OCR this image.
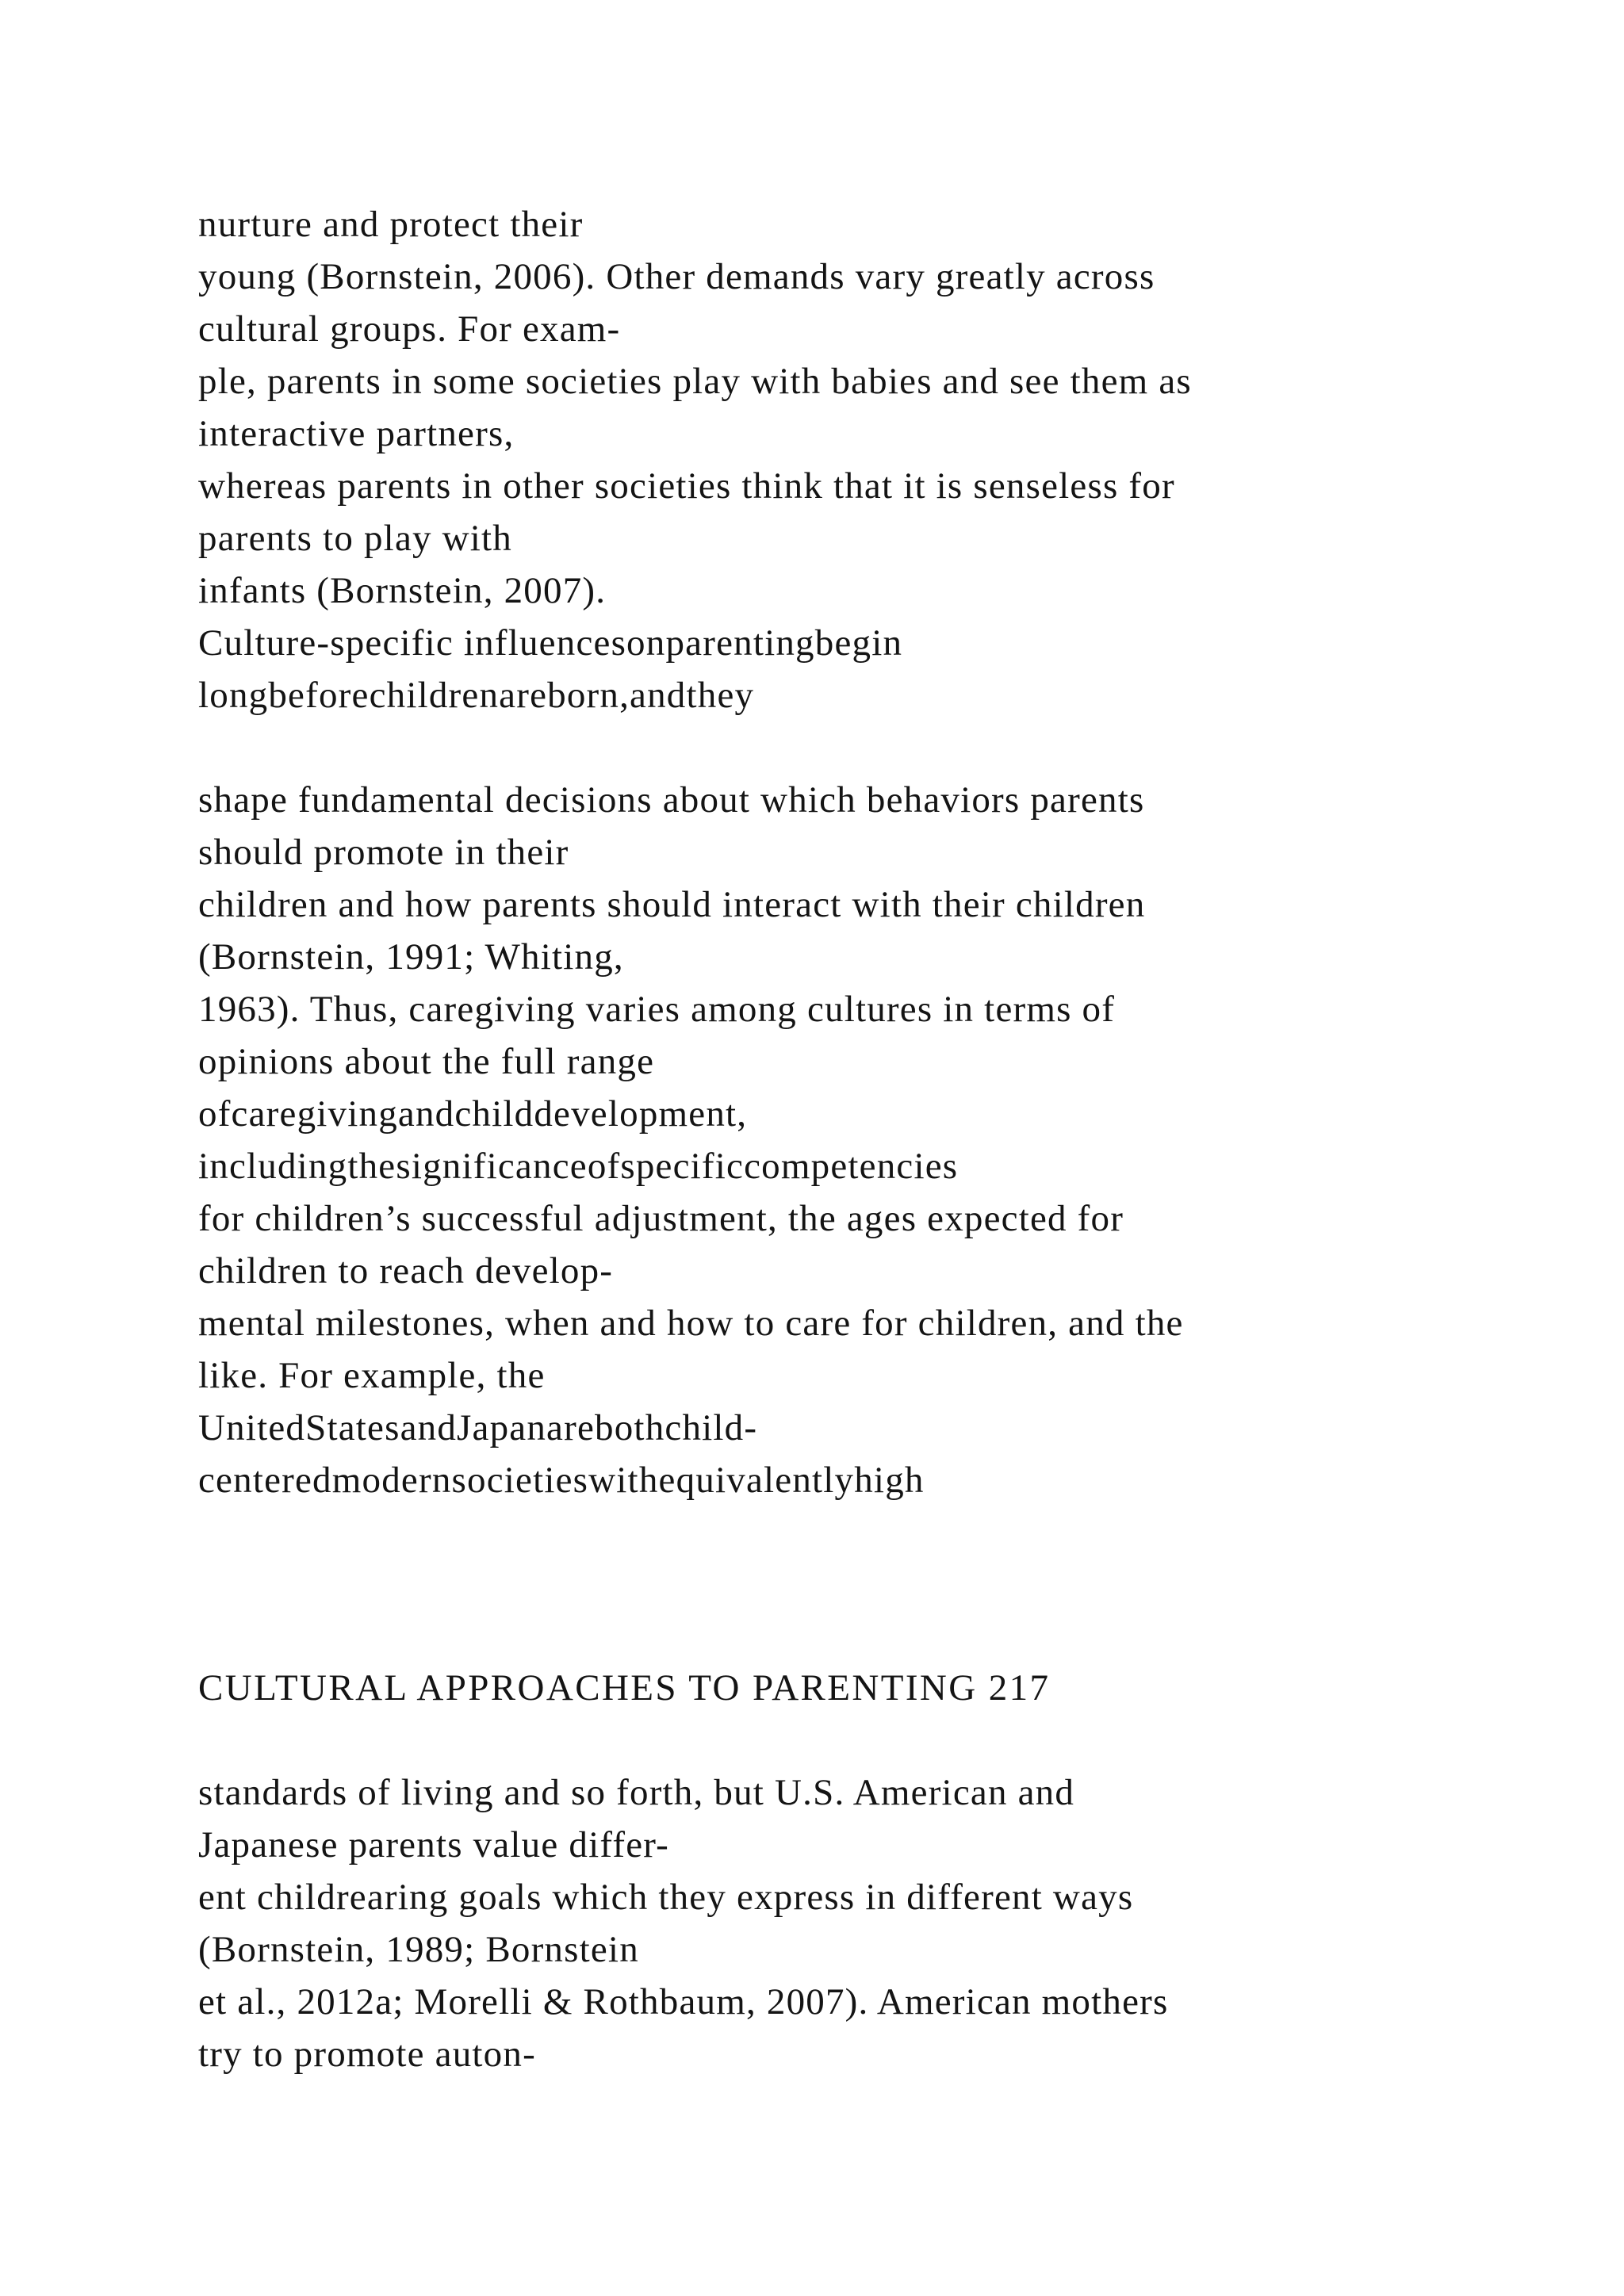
nurture and protect their
young (Bornstein, 2006). Other demands vary greatly across
cultural groups. For exam-
ple, parents in some societies play with babies and see them as
interactive partners,
whereas parents in other societies think that it is senseless for
parents to play with
infants (Bornstein, 2007).
Culture-specific influencesonparentingbegin
longbeforechildrenareborn,andthey
shape fundamental decisions about which behaviors parents
should promote in their
children and how parents should interact with their children
(Bornstein, 1991; Whiting,
1963). Thus, caregiving varies among cultures in terms of
opinions about the full range
ofcaregivingandchilddevelopment,
includingthesignificanceofspecificcompetencies
for children’s successful adjustment, the ages expected for
children to reach develop-
mental milestones, when and how to care for children, and the
like. For example, the
UnitedStatesandJapanarebothchild-
centeredmodernsocietieswithequivalentlyhigh
CULTURAL APPROACHES TO PARENTING 217
standards of living and so forth, but U.S. American and
Japanese parents value differ-
ent childrearing goals which they express in different ways
(Bornstein, 1989; Bornstein
et al., 2012a; Morelli & Rothbaum, 2007). American mothers
try to promote auton-
